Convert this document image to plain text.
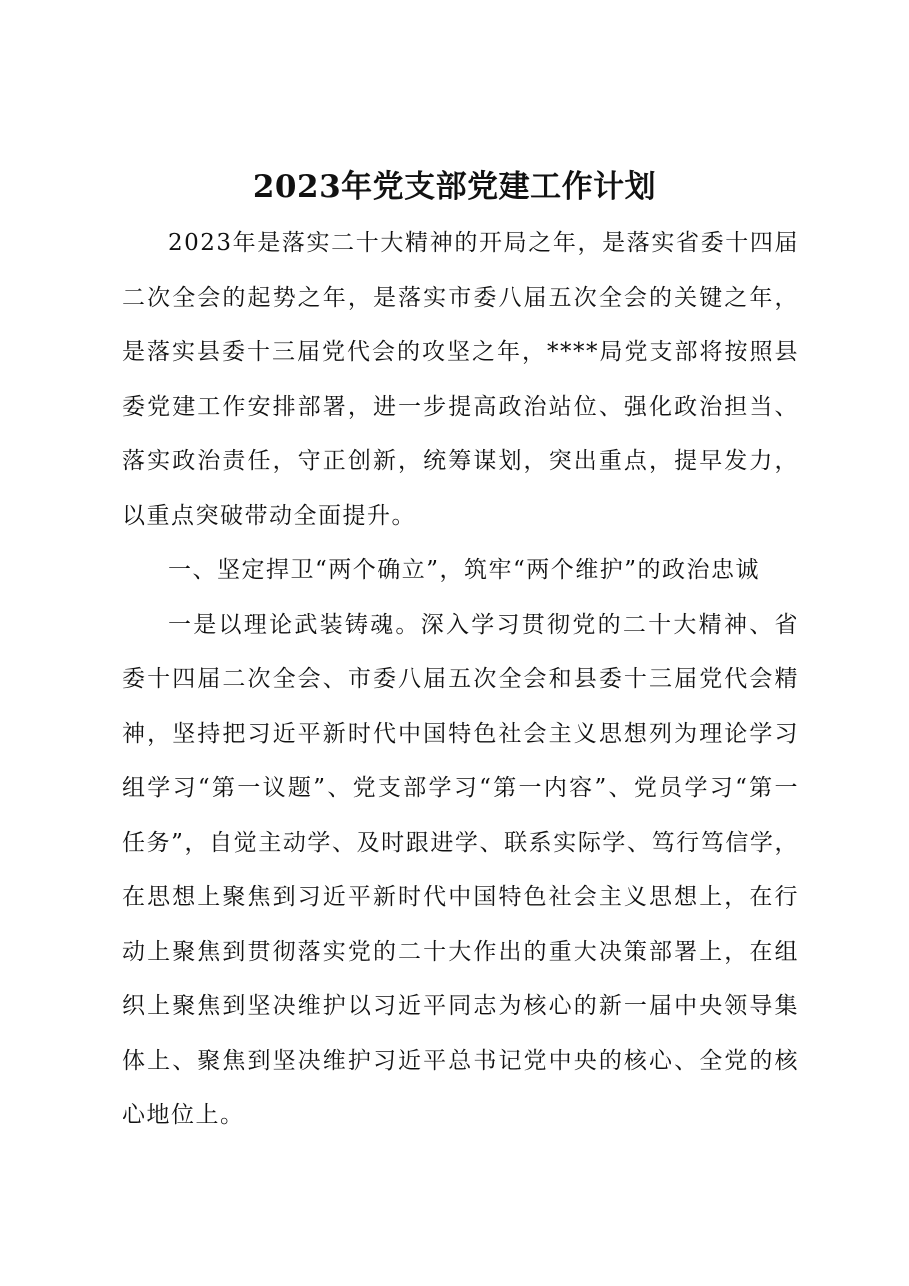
2023年党支部党建工作计划

2023年是落实二十大精神的开局之年，是落实省委十四届二次全会的起势之年，是落实市委八届五次全会的关键之年，是落实县委十三届党代会的攻坚之年，****局党支部将按照县委党建工作安排部署，进一步提高政治站位、强化政治担当、落实政治责任，守正创新，统筹谋划，突出重点，提早发力，以重点突破带动全面提升。

一、坚定捍卫“两个确立”，筑牢“两个维护”的政治忠诚

一是以理论武装铸魂。深入学习贯彻党的二十大精神、省委十四届二次全会、市委八届五次全会和县委十三届党代会精神，坚持把习近平新时代中国特色社会主义思想列为理论学习组学习“第一议题”、党支部学习“第一内容”、党员学习“第一任务”，自觉主动学、及时跟进学、联系实际学、笃行笃信学，在思想上聚焦到习近平新时代中国特色社会主义思想上，在行动上聚焦到贯彻落实党的二十大作出的重大决策部署上，在组织上聚焦到坚决维护以习近平同志为核心的新一届中央领导集体上、聚焦到坚决维护习近平总书记党中央的核心、全党的核心地位上。
